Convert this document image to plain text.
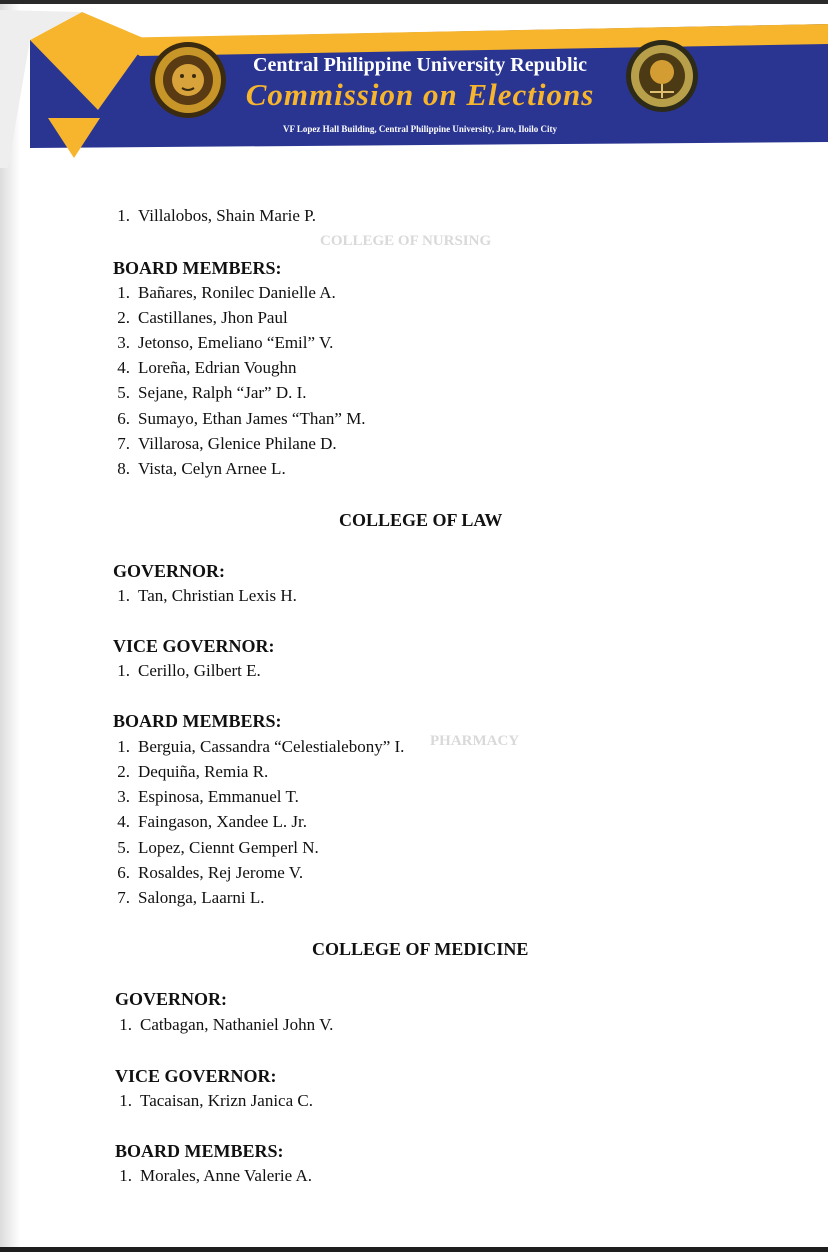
Central Philippine University Republic
Commission on Elections
VF Lopez Hall Building, Central Philippine University, Jaro, Iloilo City
COLLEGE OF NURSING
PHARMACY
1. Villalobos, Shain Marie P.
BOARD MEMBERS:
1. Bañares, Ronilec Danielle A.
2. Castillanes, Jhon Paul
3. Jetonso, Emeliano “Emil” V.
4. Loreña, Edrian Voughn
5. Sejane, Ralph “Jar” D. I.
6. Sumayo, Ethan James “Than” M.
7. Villarosa, Glenice Philane D.
8. Vista, Celyn Arnee L.
COLLEGE OF LAW
GOVERNOR:
1. Tan, Christian Lexis H.
VICE GOVERNOR:
1. Cerillo, Gilbert E.
BOARD MEMBERS:
1. Berguia, Cassandra “Celestialebony” I.
2. Dequiña, Remia R.
3. Espinosa, Emmanuel T.
4. Faingason, Xandee L. Jr.
5. Lopez, Ciennt Gemperl N.
6. Rosaldes, Rej Jerome V.
7. Salonga, Laarni L.
COLLEGE OF MEDICINE
GOVERNOR:
1. Catbagan, Nathaniel John V.
VICE GOVERNOR:
1. Tacaisan, Krizn Janica C.
BOARD MEMBERS:
1. Morales, Anne Valerie A.
